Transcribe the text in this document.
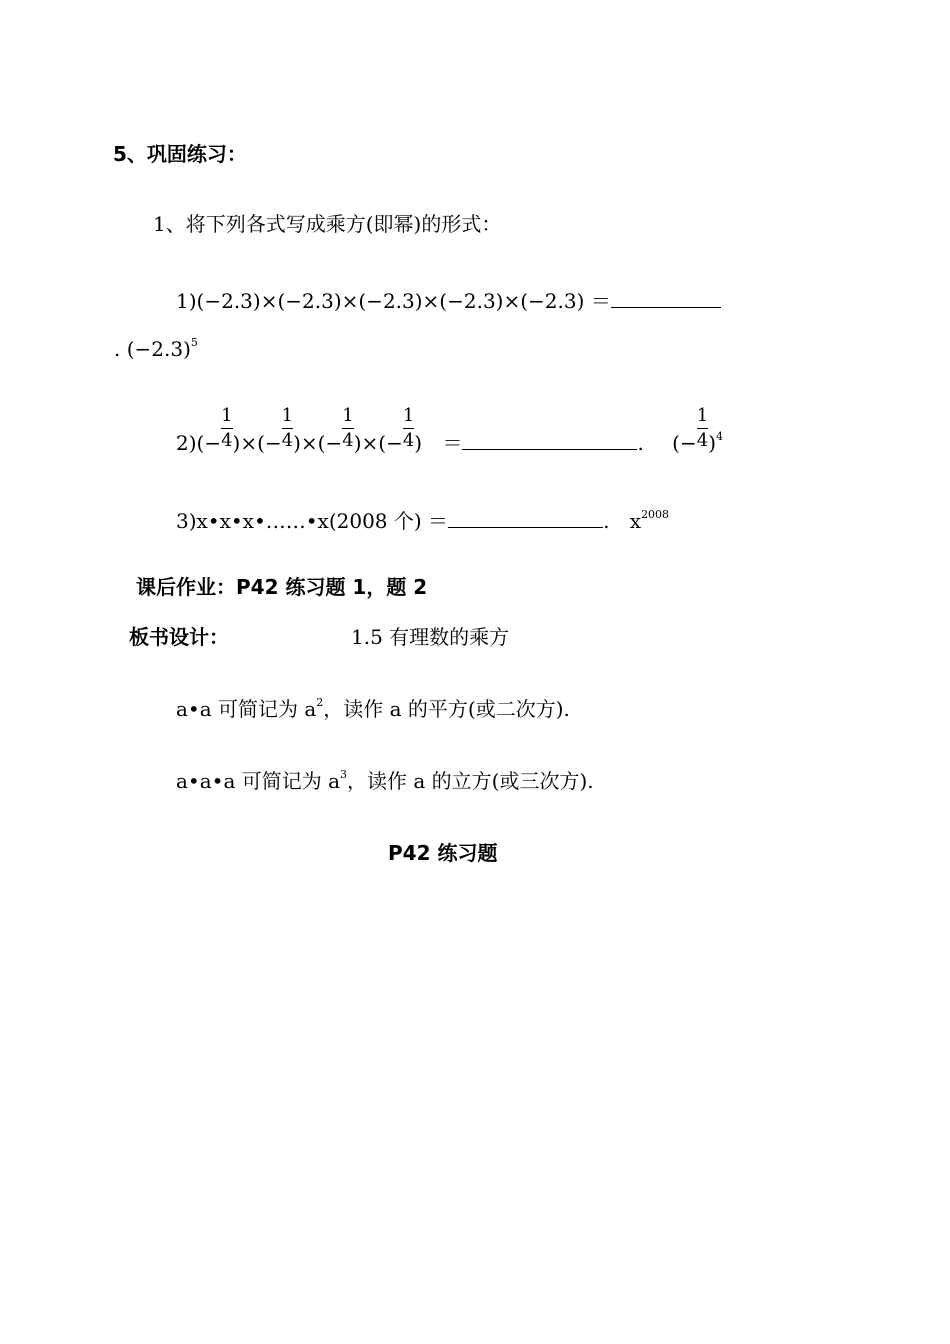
5、巩固练习：
1、将下列各式写成乘方(即幂)的形式：
1)(−2.3)×(−2.3)×(−2.3)×(−2.3)×(−2.3) ＝
. $(-2.3)^5$
$2)(- \frac{1}{4}$ )×(− $\frac{1}{4}$ )×(− $\frac{1}{4}$ )×(− $\frac{1}{4}$ ) ＝	. (− $\frac{1}{4} )^4$
3)x•x•x•……•x(2008 个) ＝	. $x^{2008}$
课后作业：P42 练习题 1，题 2
板书设计：	1.5 有理数的乘方
a•a 可简记为 $a^2$，读作 a 的平方(或二次方).
a•a•a 可简记为 $a^3$，读作 a 的立方(或三次方).
P42 练习题
